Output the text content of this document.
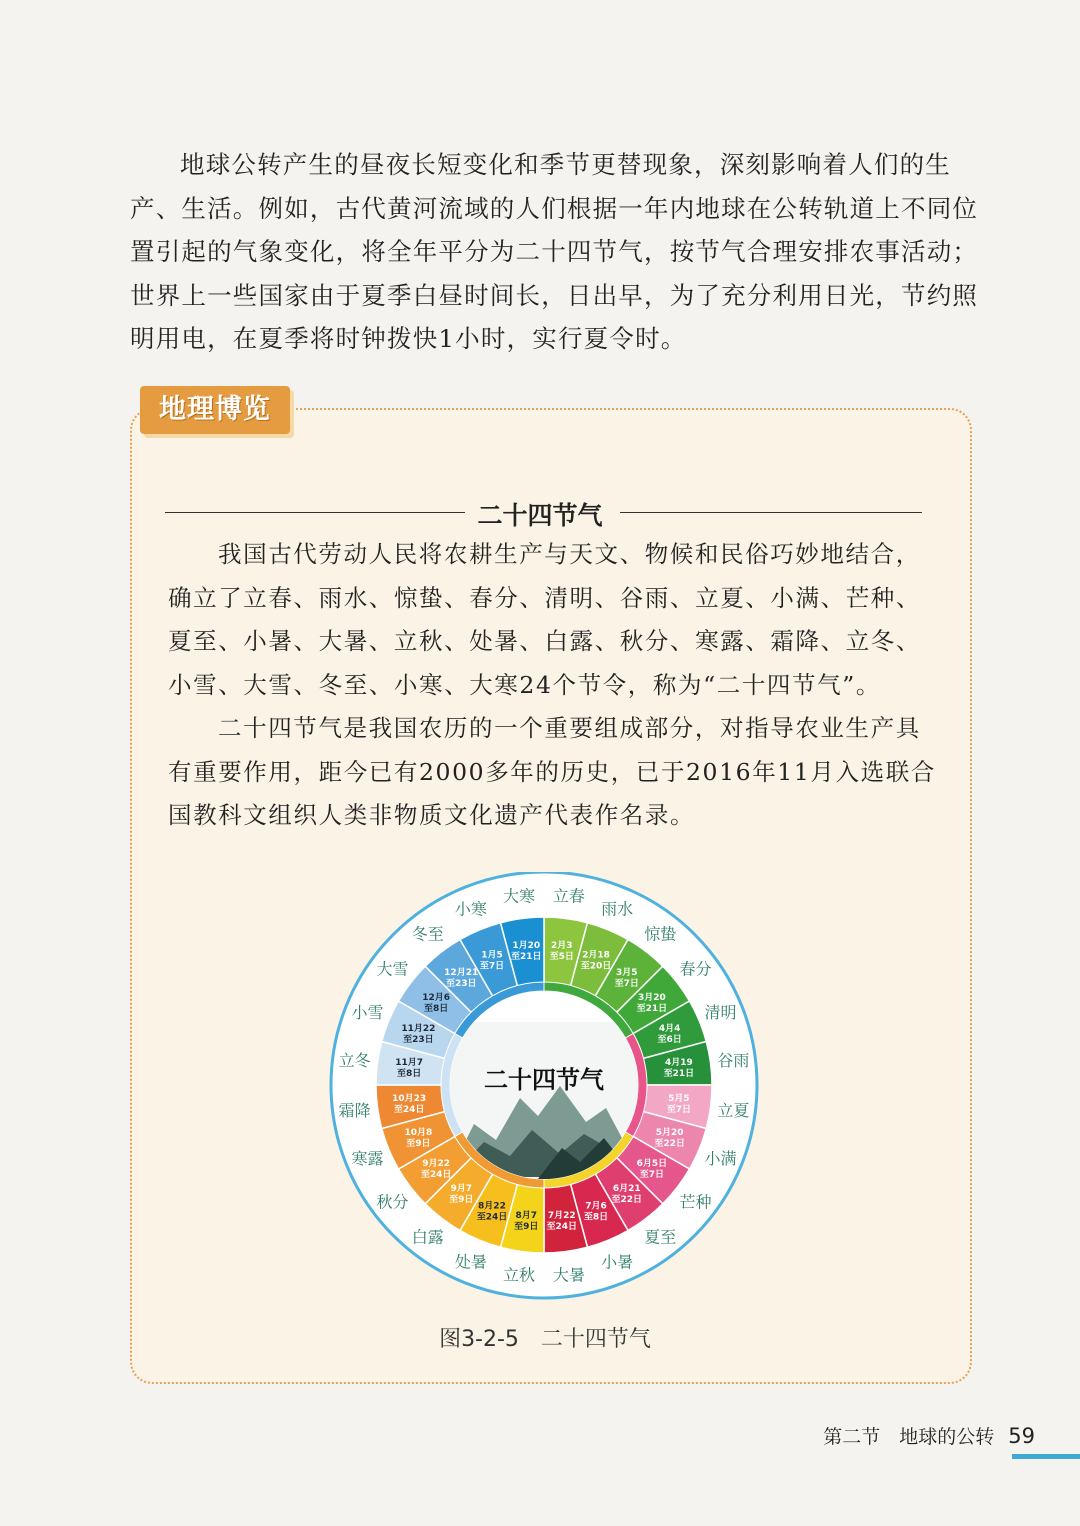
地球公转产生的昼夜长短变化和季节更替现象，深刻影响着人们的生产、生活。例如，古代黄河流域的人们根据一年内地球在公转轨道上不同位置引起的气象变化，将全年平分为二十四节气，按节气合理安排农事活动；世界上一些国家由于夏季白昼时间长，日出早，为了充分利用日光，节约照明用电，在夏季将时钟拨快1小时，实行夏令时。

地理博览
二十四节气

我国古代劳动人民将农耕生产与天文、物候和民俗巧妙地结合，确立了立春、雨水、惊蛰、春分、清明、谷雨、立夏、小满、芒种、夏至、小暑、大暑、立秋、处暑、白露、秋分、寒露、霜降、立冬、小雪、大雪、冬至、小寒、大寒24个节令，称为“二十四节气”。

二十四节气是我国农历的一个重要组成部分，对指导农业生产具有重要作用，距今已有2000多年的历史，已于2016年11月入选联合国教科文组织人类非物质文化遗产代表作名录。

二十四节气
2月3
至5日
立春
2月18
至20日
雨水
3月5
至7日
惊蛰
3月20
至21日
春分
4月4
至6日
清明
4月19
至21日
谷雨
5月5
至7日 立夏
5月20
至22日
小满
6月5日
至7日
芒种
6月21
至22日
夏至
7月6
至8日
小暑
7月22
至24日
大暑
8月7
至9日
立秋
8月22
至24日
处暑
9月7
至9日
白露
9月22
至24日
秋分
10月8
至9日
寒露
10月23
至24日
霜降
11月7
至8日
立冬
11月22
至23日
小雪
12月6
至8日
大雪	12月21
至23日
冬至
1月5
至7日
小寒
1月20
至21日
大寒
图3-2-5　二十四节气
第二节　地球的公转 59
